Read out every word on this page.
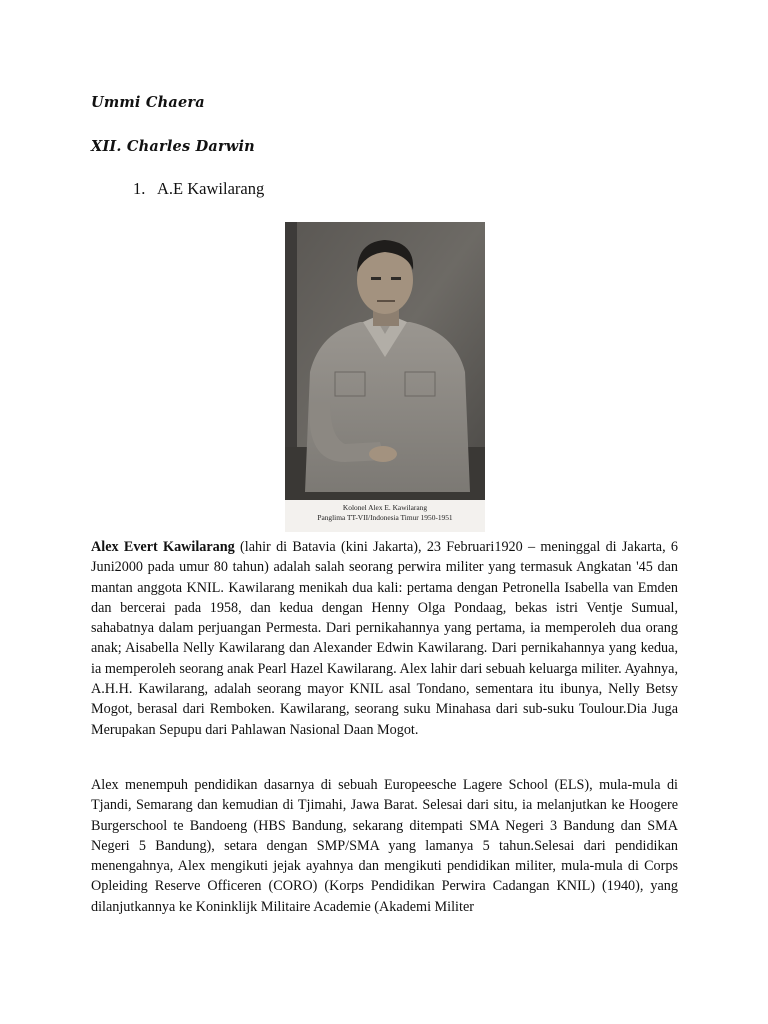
Ummi Chaera
XII. Charles Darwin
1. A.E Kawilarang
Kolonel Alex E. Kawilarang
Panglima TT-VII/Indonesia Timur 1950-1951
Alex Evert Kawilarang (lahir di Batavia (kini Jakarta), 23 Februari1920 – meninggal di Jakarta, 6 Juni2000 pada umur 80 tahun) adalah salah seorang perwira militer yang termasuk Angkatan '45 dan mantan anggota KNIL. Kawilarang menikah dua kali: pertama dengan Petronella Isabella van Emden dan bercerai pada 1958, dan kedua dengan Henny Olga Pondaag, bekas istri Ventje Sumual, sahabatnya dalam perjuangan Permesta. Dari pernikahannya yang pertama, ia memperoleh dua orang anak; Aisabella Nelly Kawilarang dan Alexander Edwin Kawilarang. Dari pernikahannya yang kedua, ia memperoleh seorang anak Pearl Hazel Kawilarang. Alex lahir dari sebuah keluarga militer. Ayahnya, A.H.H. Kawilarang, adalah seorang mayor KNIL asal Tondano, sementara itu ibunya, Nelly Betsy Mogot, berasal dari Remboken. Kawilarang, seorang suku Minahasa dari sub-suku Toulour.Dia Juga Merupakan Sepupu dari Pahlawan Nasional Daan Mogot.
Alex menempuh pendidikan dasarnya di sebuah Europeesche Lagere School (ELS), mula-mula di Tjandi, Semarang dan kemudian di Tjimahi, Jawa Barat. Selesai dari situ, ia melanjutkan ke Hoogere Burgerschool te Bandoeng (HBS Bandung, sekarang ditempati SMA Negeri 3 Bandung dan SMA Negeri 5 Bandung), setara dengan SMP/SMA yang lamanya 5 tahun.Selesai dari pendidikan menengahnya, Alex mengikuti jejak ayahnya dan mengikuti pendidikan militer, mula-mula di Corps Opleiding Reserve Officeren (CORO) (Korps Pendidikan Perwira Cadangan KNIL) (1940), yang dilanjutkannya ke Koninklijk Militaire Academie (Akademi Militer
